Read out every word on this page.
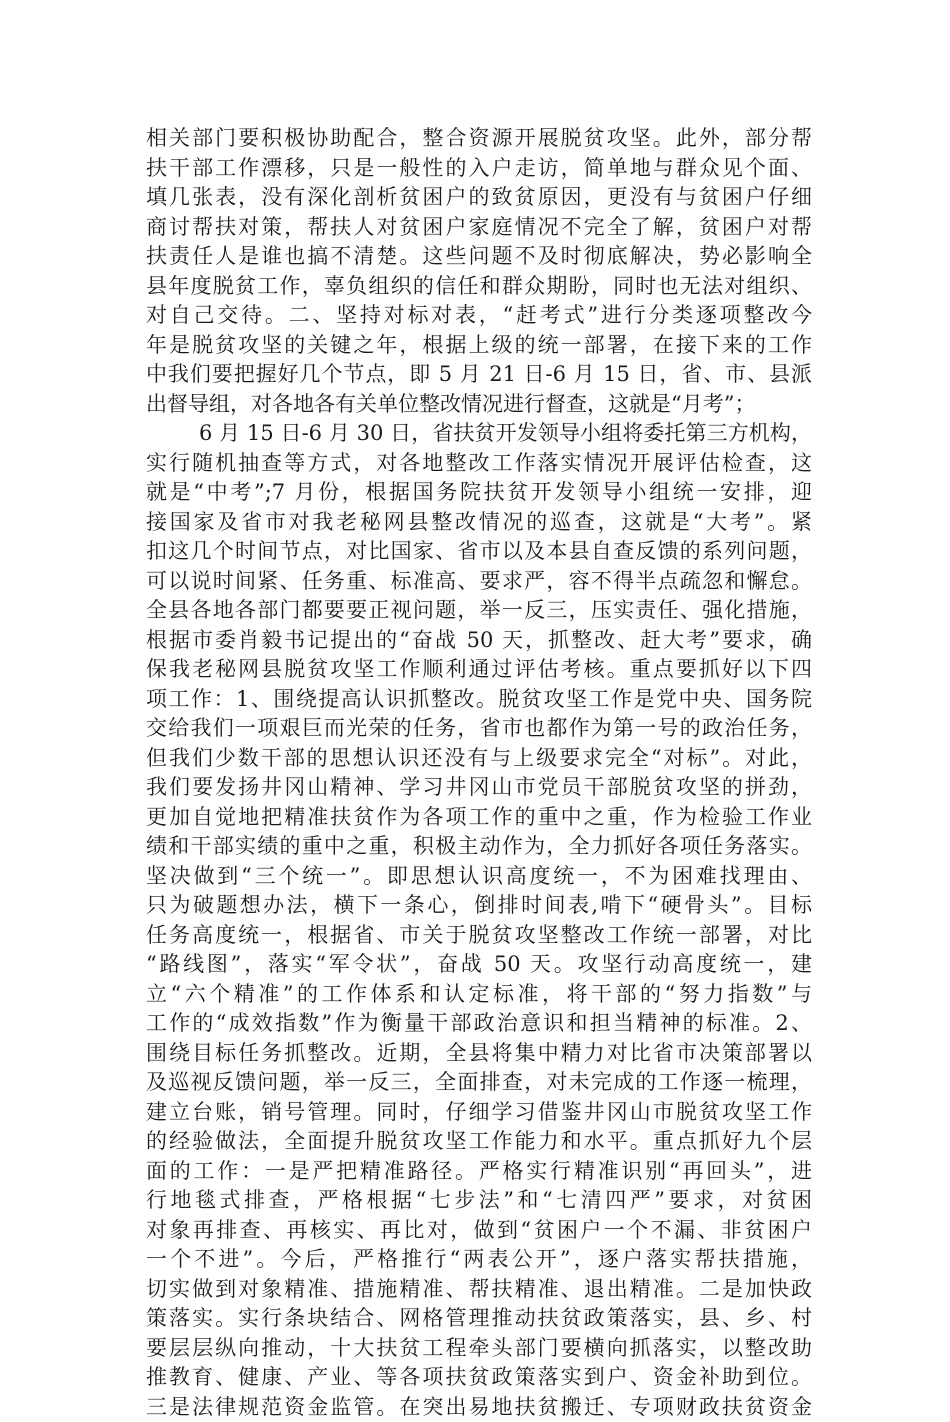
相关部门要积极协助配合，整合资源开展脱贫攻坚。此外，部分帮
扶干部工作漂移，只是一般性的入户走访，简单地与群众见个面、
填几张表，没有深化剖析贫困户的致贫原因，更没有与贫困户仔细
商讨帮扶对策，帮扶人对贫困户家庭情况不完全了解，贫困户对帮
扶责任人是谁也搞不清楚。这些问题不及时彻底解决，势必影响全
县年度脱贫工作，辜负组织的信任和群众期盼，同时也无法对组织、
对自己交待。二、坚持对标对表，“赶考式”进行分类逐项整改今
年是脱贫攻坚的关键之年，根据上级的统一部署，在接下来的工作
中我们要把握好几个节点，即 5 月 21 日-6 月 15 日，省、市、县派
出督导组，对各地各有关单位整改情况进行督查，这就是“月考”；
6 月 15 日-6 月 30 日，省扶贫开发领导小组将委托第三方机构，
实行随机抽查等方式，对各地整改工作落实情况开展评估检查，这
就是“中考”;7 月份，根据国务院扶贫开发领导小组统一安排，迎
接国家及省市对我老秘网县整改情况的巡查，这就是“大考”。紧
扣这几个时间节点，对比国家、省市以及本县自查反馈的系列问题，
可以说时间紧、任务重、标准高、要求严，容不得半点疏忽和懈怠。
全县各地各部门都要要正视问题，举一反三，压实责任、强化措施，
根据市委肖毅书记提出的“奋战 50 天，抓整改、赶大考”要求，确
保我老秘网县脱贫攻坚工作顺利通过评估考核。重点要抓好以下四
项工作：1、围绕提高认识抓整改。脱贫攻坚工作是党中央、国务院
交给我们一项艰巨而光荣的任务，省市也都作为第一号的政治任务，
但我们少数干部的思想认识还没有与上级要求完全“对标”。对此，
我们要发扬井冈山精神、学习井冈山市党员干部脱贫攻坚的拼劲，
更加自觉地把精准扶贫作为各项工作的重中之重，作为检验工作业
绩和干部实绩的重中之重，积极主动作为，全力抓好各项任务落实。
坚决做到“三个统一”。即思想认识高度统一，不为困难找理由、
只为破题想办法，横下一条心，倒排时间表,啃下“硬骨头”。目标
任务高度统一，根据省、市关于脱贫攻坚整改工作统一部署，对比
“路线图”，落实“军令状”，奋战 50 天。攻坚行动高度统一，建
立“六个精准”的工作体系和认定标准，将干部的“努力指数”与
工作的“成效指数”作为衡量干部政治意识和担当精神的标准。2、
围绕目标任务抓整改。近期，全县将集中精力对比省市决策部署以
及巡视反馈问题，举一反三，全面排查，对未完成的工作逐一梳理，
建立台账，销号管理。同时，仔细学习借鉴井冈山市脱贫攻坚工作
的经验做法，全面提升脱贫攻坚工作能力和水平。重点抓好九个层
面的工作：一是严把精准路径。严格实行精准识别“再回头”，进
行地毯式排查，严格根据“七步法”和“七清四严”要求，对贫困
对象再排查、再核实、再比对，做到“贫困户一个不漏、非贫困户
一个不进”。今后，严格推行“两表公开”，逐户落实帮扶措施，
切实做到对象精准、措施精准、帮扶精准、退出精准。二是加快政
策落实。实行条块结合、网格管理推动扶贫政策落实，县、乡、村
要层层纵向推动，十大扶贫工程牵头部门要横向抓落实，以整改助
推教育、健康、产业、等各项扶贫政策落实到户、资金补助到位。
三是法律规范资金监管。在突出易地扶贫搬迁、专项财政扶贫资金
